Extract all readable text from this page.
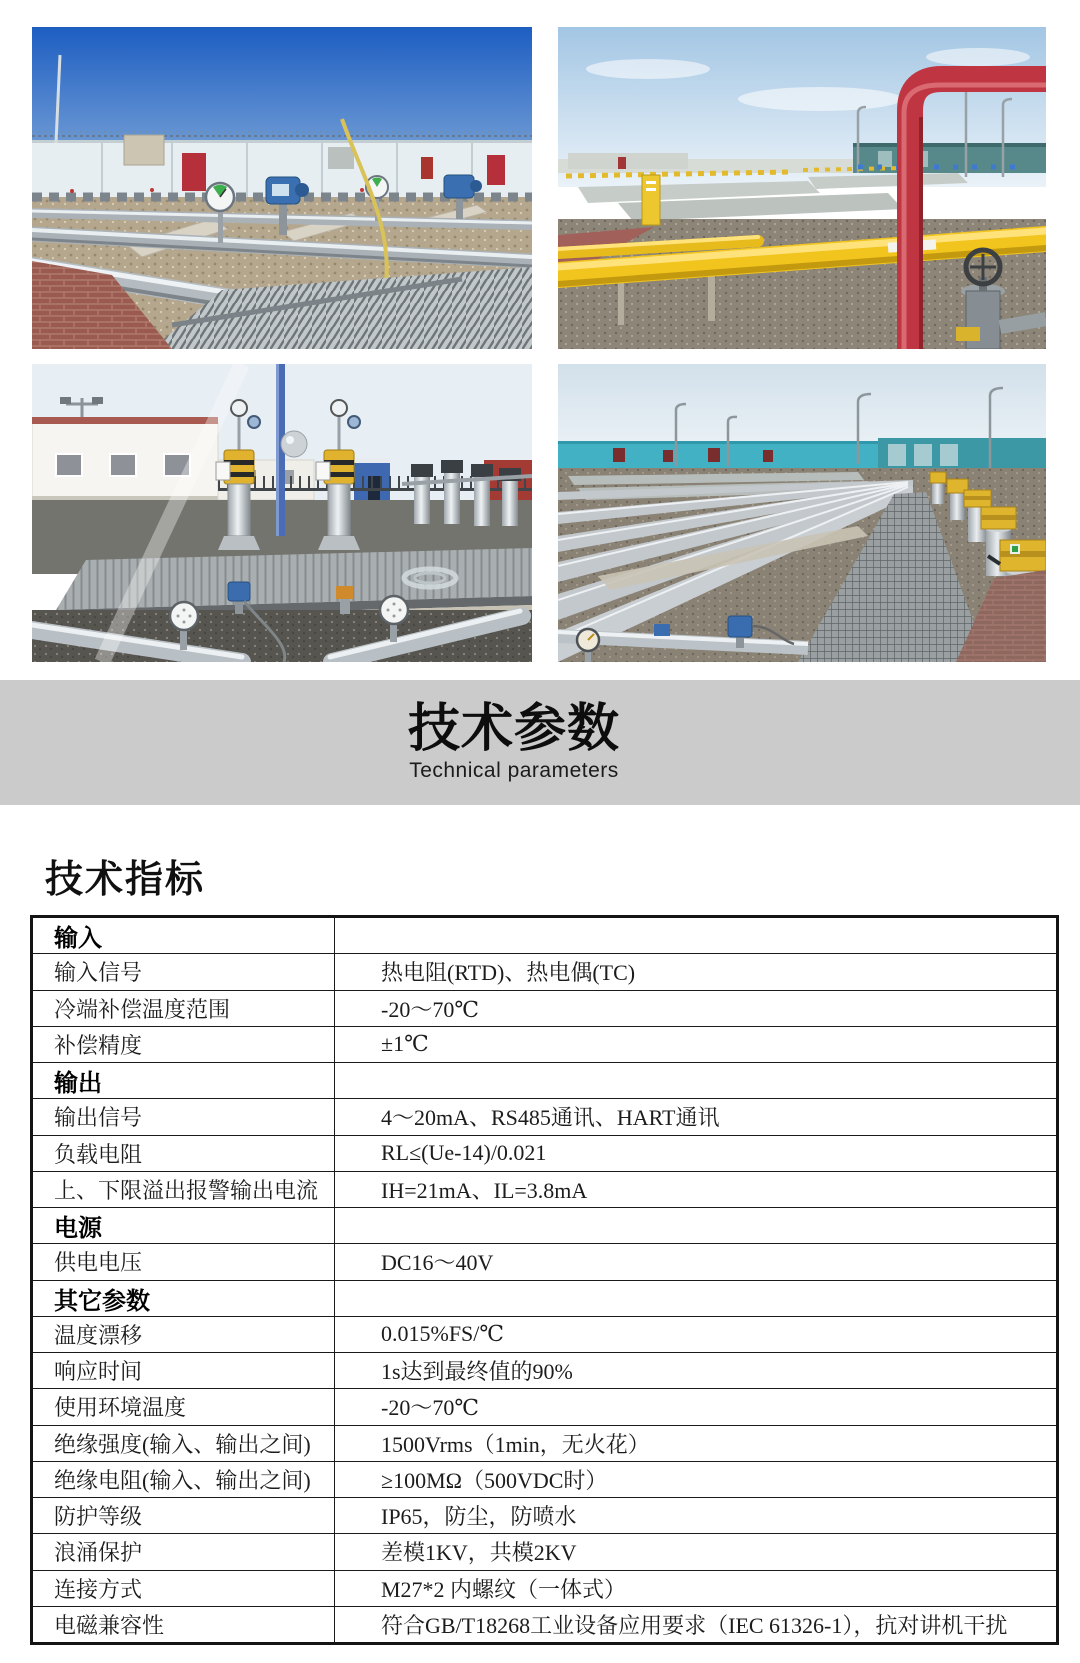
技术参数
Technical parameters
技术指标
输入
输入信号	热电阻(RTD)、热电偶(TC)
冷端补偿温度范围	-20～70℃
补偿精度	±1℃
输出
输出信号	4～20mA、RS485通讯、HART通讯
负载电阻	RL≤(Ue-14)/0.021
上、下限溢出报警输出电流	IH=21mA、IL=3.8mA
电源
供电电压	DC16～40V
其它参数
温度漂移	0.015%FS/℃
响应时间	1s达到最终值的90%
使用环境温度	-20～70℃
绝缘强度(输入、输出之间)	1500Vrms（1min，无火花）
绝缘电阻(输入、输出之间)	≥100MΩ（500VDC时）
防护等级	IP65，防尘，防喷水
浪涌保护	差模1KV，共模2KV
连接方式	M27*2 内螺纹（一体式）
电磁兼容性	符合GB/T18268工业设备应用要求（IEC 61326-1），抗对讲机干扰
